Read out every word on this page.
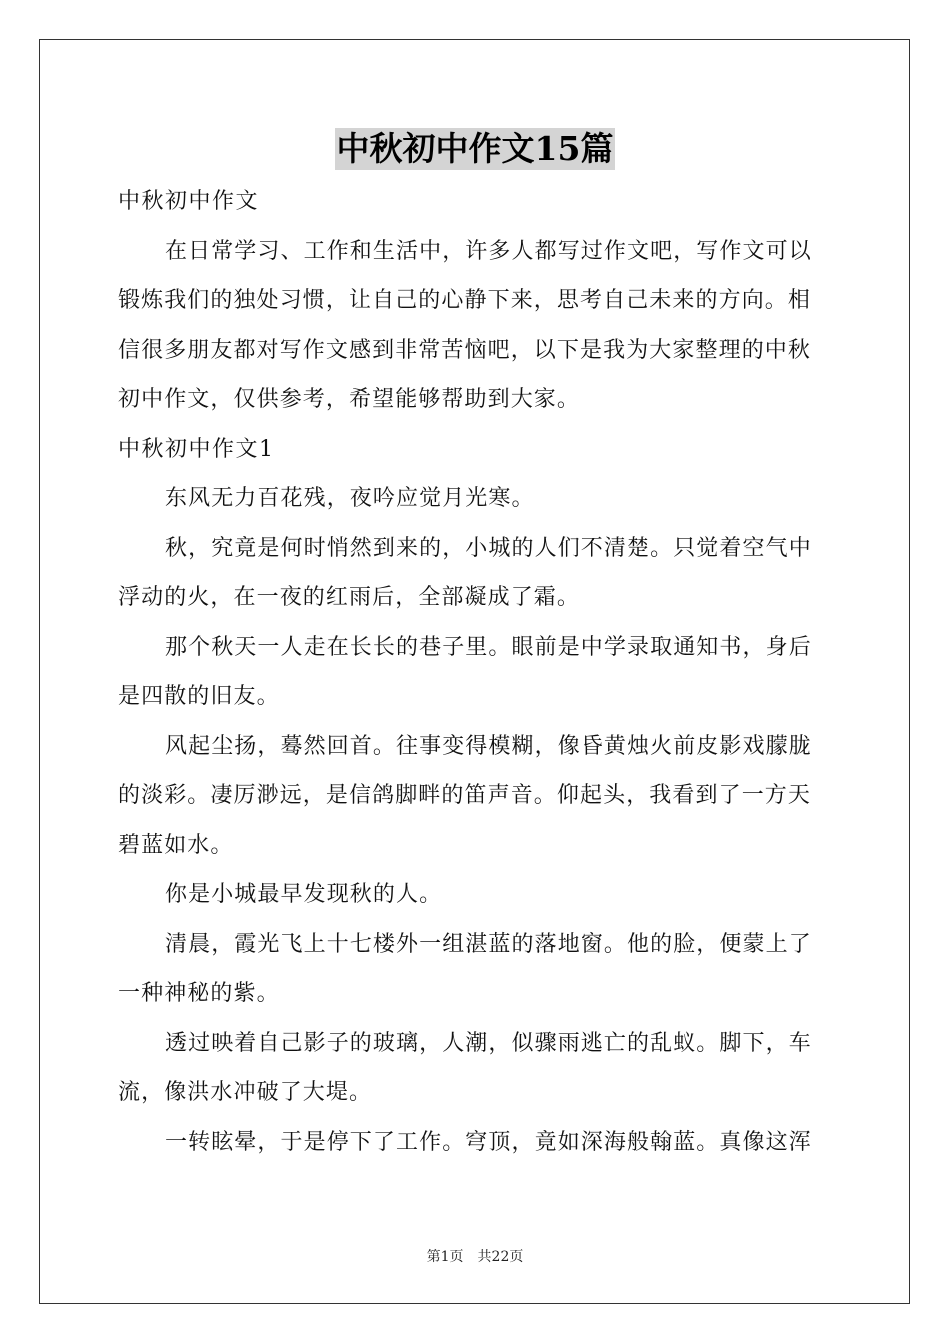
中秋初中作文15篇
中秋初中作文
在日常学习、工作和生活中，许多人都写过作文吧，写作文可以
锻炼我们的独处习惯，让自己的心静下来，思考自己未来的方向。相
信很多朋友都对写作文感到非常苦恼吧，以下是我为大家整理的中秋
初中作文，仅供参考，希望能够帮助到大家。
中秋初中作文1
东风无力百花残，夜吟应觉月光寒。
秋，究竟是何时悄然到来的，小城的人们不清楚。只觉着空气中
浮动的火，在一夜的红雨后，全部凝成了霜。
那个秋天一人走在长长的巷子里。眼前是中学录取通知书，身后
是四散的旧友。
风起尘扬，蓦然回首。往事变得模糊，像昏黄烛火前皮影戏朦胧
的淡彩。凄厉渺远，是信鸽脚畔的笛声音。仰起头，我看到了一方天
碧蓝如水。
你是小城最早发现秋的人。
清晨，霞光飞上十七楼外一组湛蓝的落地窗。他的脸，便蒙上了
一种神秘的紫。
透过映着自己影子的玻璃，人潮，似骤雨逃亡的乱蚁。脚下，车
流，像洪水冲破了大堤。
一转眩晕，于是停下了工作。穹顶，竟如深海般翰蓝。真像这浑
第1页 共22页
